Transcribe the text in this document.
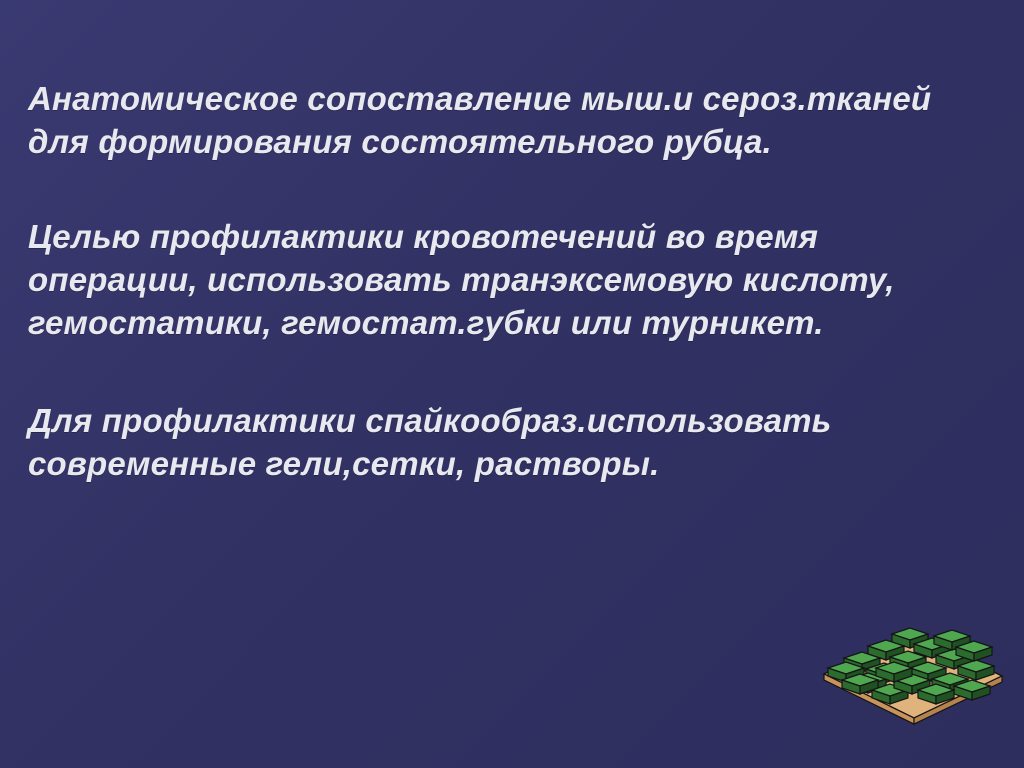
Анатомическое сопоставление мыш.и сероз.тканей для формирования состоятельного рубца.

Целью профилактики кровотечений во время операции, использовать транэксемовую кислоту, гемостатики, гемостат.губки или турникет.

Для профилактики спайкообраз.использовать современные гели,сетки, растворы.
